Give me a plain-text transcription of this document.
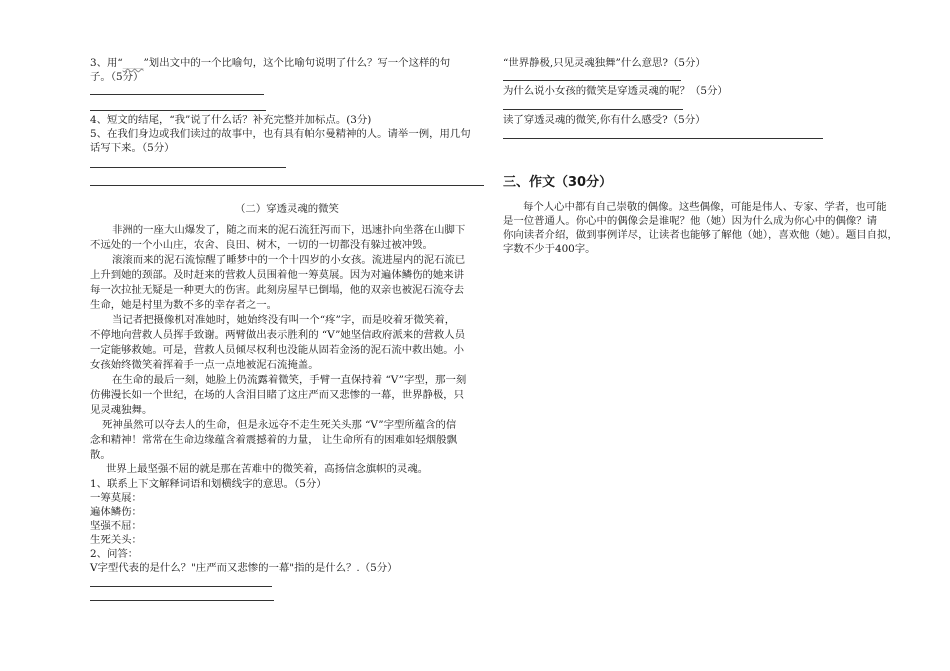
3、用“____”划出文中的一个比喻句，这个比喻句说明了什么？写一个这样的句
子。（5分）
4、短文的结尾，“我”说了什么话？补充完整并加标点。(3分)
5、在我们身边或我们读过的故事中，也有具有帕尔曼精神的人。请举一例，用几句
话写下来。（5分）
（二）穿透灵魂的微笑
非洲的一座大山爆发了，随之而来的泥石流狂泻而下，迅速扑向坐落在山脚下
不远处的一个小山庄，农舍、良田、树木，一切的一切都没有躲过被冲毁。
滚滚而来的泥石流惊醒了睡梦中的一个十四岁的小女孩。流进屋内的泥石流已
上升到她的颈部。及时赶来的营救人员围着他一筹莫展。因为对遍体鳞伤的她来讲
每一次拉扯无疑是一种更大的伤害。此刻房屋早已倒塌，他的双亲也被泥石流夺去
生命，她是村里为数不多的幸存者之一。
当记者把摄像机对准她时，她始终没有叫一个“疼”字，而是咬着牙微笑着，
不停地向营救人员挥手致谢。两臂做出表示胜利的 “V”她坚信政府派来的营救人员
一定能够救她。可是，营救人员倾尽权利也没能从固若金汤的泥石流中救出她。小
女孩始终微笑着挥着手一点一点地被泥石流掩盖。
在生命的最后一刻，她脸上仍流露着微笑，手臂一直保持着 “V”字型，那一刻
仿佛漫长如一个世纪，在场的人含泪目睹了这庄严而又悲惨的一幕，世界静极，只
见灵魂独舞。
死神虽然可以夺去人的生命，但是永远夺不走生死关头那 “V”字型所蕴含的信
念和精神！常常在生命边缘蕴含着震撼着的力量， 让生命所有的困难如轻烟般飘
散。
世界上最坚强不屈的就是那在苦难中的微笑着，高扬信念旗帜的灵魂。
1、联系上下文解释词语和划横线字的意思。（5分）
一筹莫展：
遍体鳞伤：
坚强不屈：
生死关头：
2、问答：
V字型代表的是什么？"庄严而又悲惨的一幕"指的是什么？.（5分）
“世界静极,只见灵魂独舞”什么意思?（5分）
为什么说小女孩的微笑是穿透灵魂的呢？（5分）
读了穿透灵魂的微笑,你有什么感受?（5分）
三、作文（30分）
每个人心中都有自己崇敬的偶像。这些偶像，可能是伟人、专家、学者，也可能
是一位普通人。你心中的偶像会是谁呢？他（她）因为什么成为你心中的偶像？请
你向读者介绍，做到事例详尽，让读者也能够了解他（她），喜欢他（她）。题目自拟，
字数不少于400字。
